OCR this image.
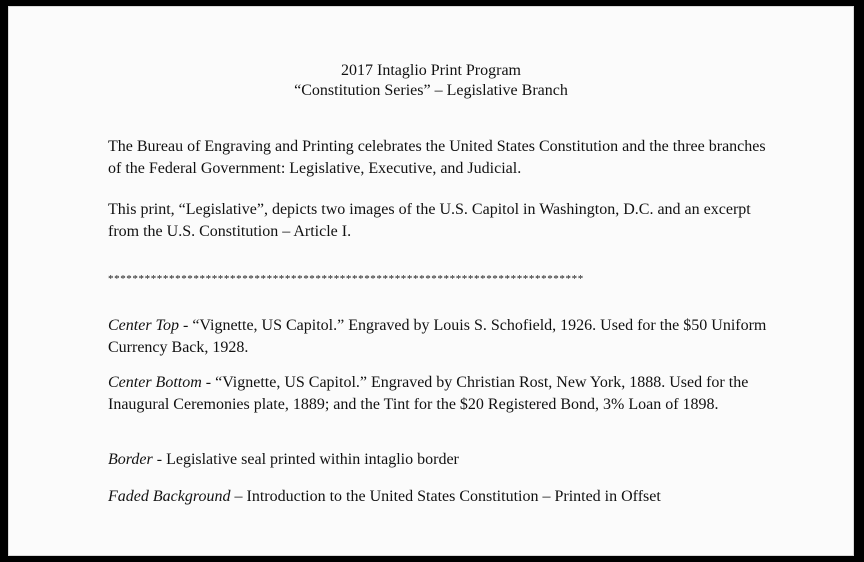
2017 Intaglio Print Program
“Constitution Series” – Legislative Branch

The Bureau of Engraving and Printing celebrates the United States Constitution and the three branches of the Federal Government: Legislative, Executive, and Judicial.

This print, “Legislative”, depicts two images of the U.S. Capitol in Washington, D.C. and an excerpt from the U.S. Constitution – Article I.

******************************************************************************

Center Top - “Vignette, US Capitol.” Engraved by Louis S. Schofield, 1926. Used for the $50 Uniform Currency Back, 1928.

Center Bottom - “Vignette, US Capitol.” Engraved by Christian Rost, New York, 1888. Used for the Inaugural Ceremonies plate, 1889; and the Tint for the $20 Registered Bond, 3% Loan of 1898.

Border - Legislative seal printed within intaglio border

Faded Background – Introduction to the United States Constitution – Printed in Offset
